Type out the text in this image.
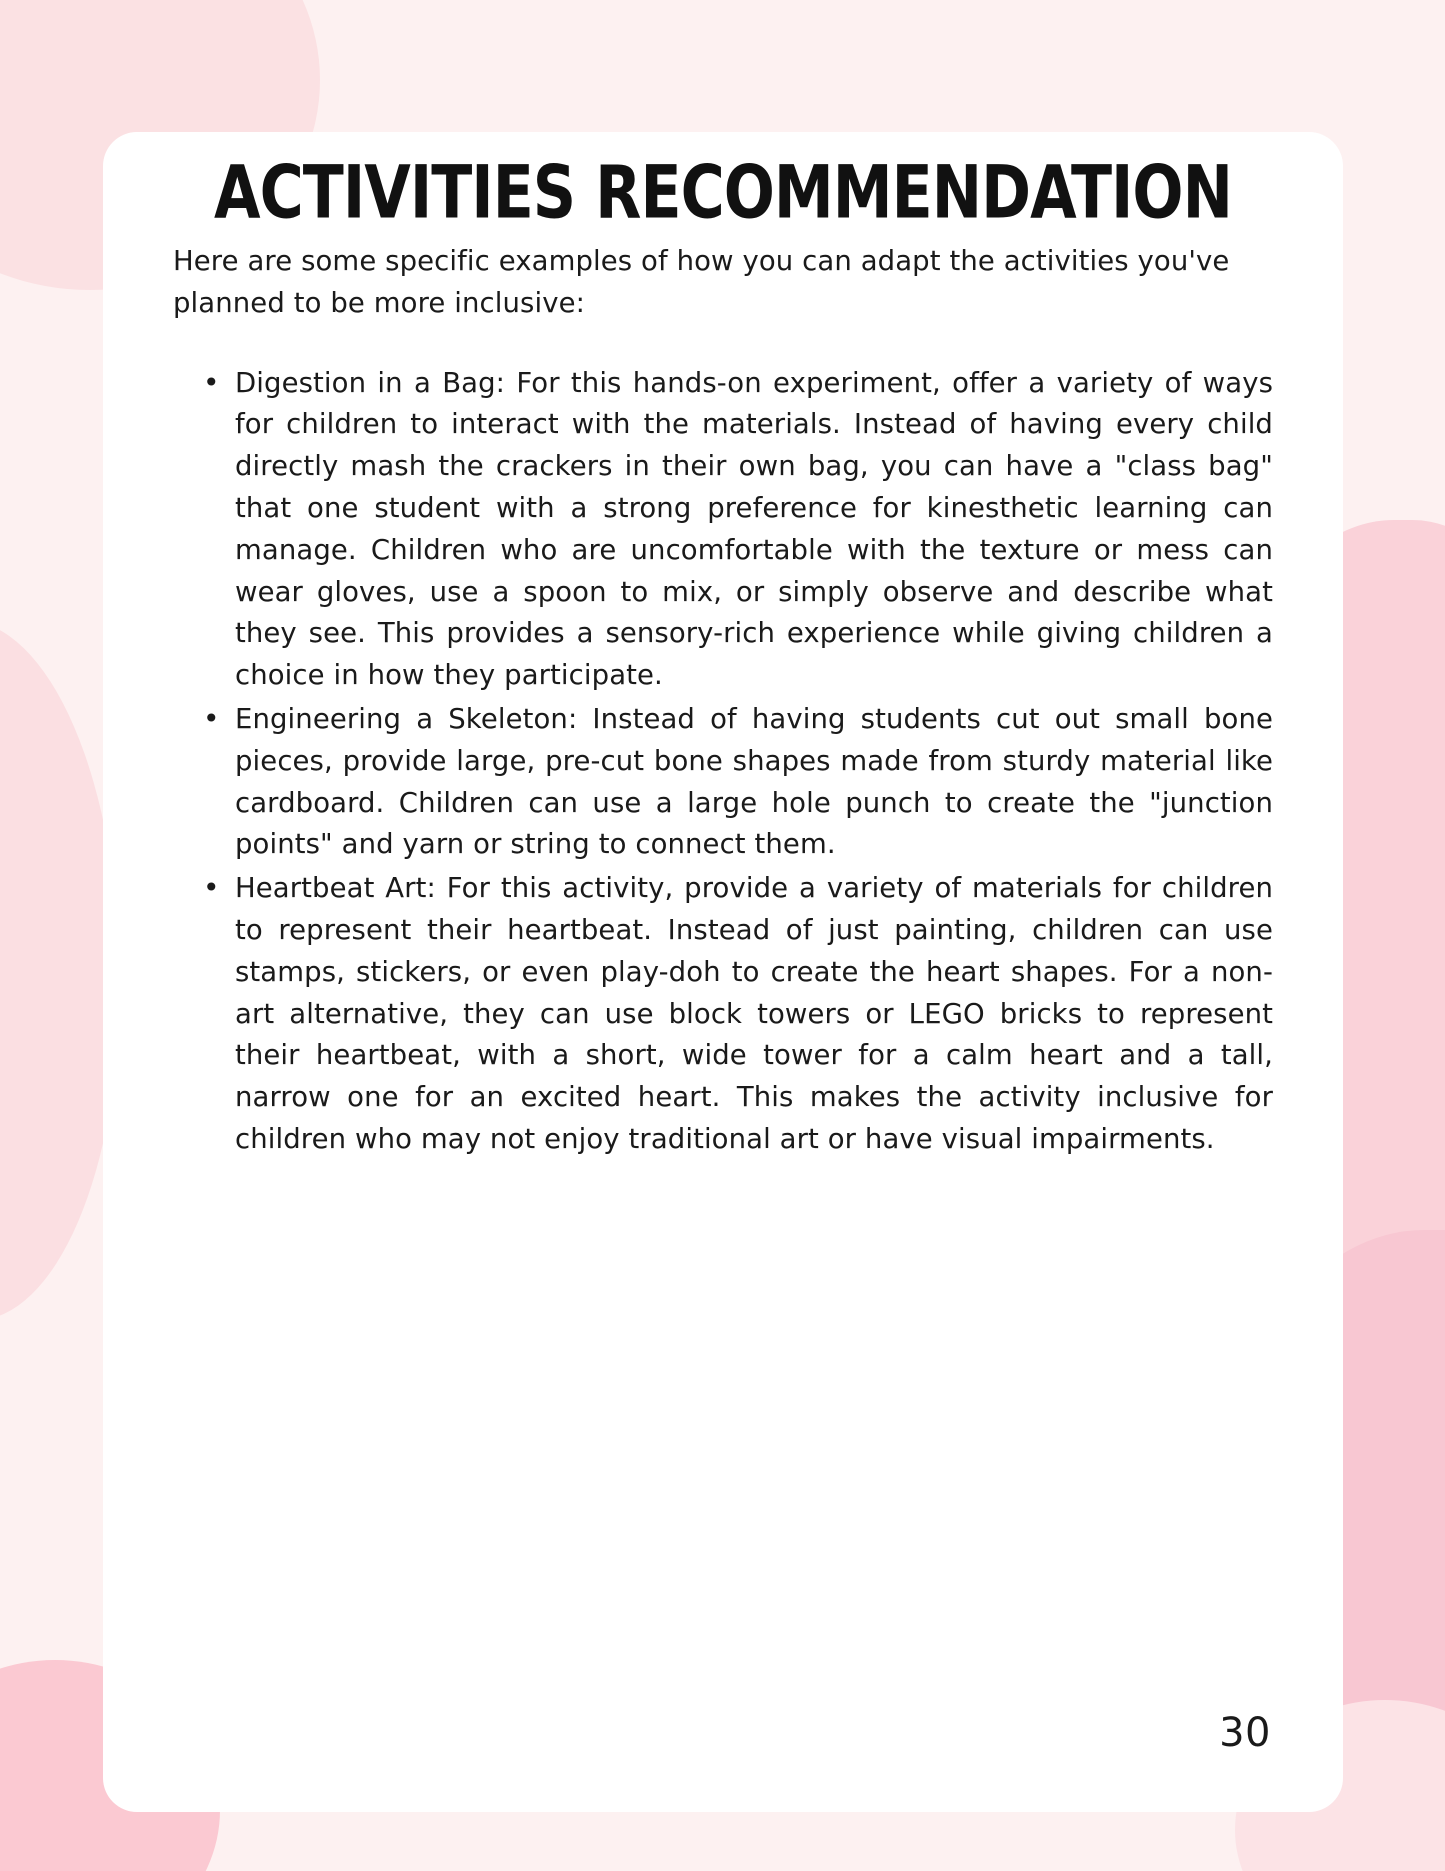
ACTIVITIES RECOMMENDATION

Here are some specific examples of how you can adapt the activities you've planned to be more inclusive:

• Digestion in a Bag: For this hands-on experiment, offer a variety of ways for children to interact with the materials. Instead of having every child directly mash the crackers in their own bag, you can have a "class bag" that one student with a strong preference for kinesthetic learning can manage. Children who are uncomfortable with the texture or mess can wear gloves, use a spoon to mix, or simply observe and describe what they see. This provides a sensory-rich experience while giving children a choice in how they participate.
• Engineering a Skeleton: Instead of having students cut out small bone pieces, provide large, pre-cut bone shapes made from sturdy material like cardboard. Children can use a large hole punch to create the "junction points" and yarn or string to connect them.
• Heartbeat Art: For this activity, provide a variety of materials for children to represent their heartbeat. Instead of just painting, children can use stamps, stickers, or even play-doh to create the heart shapes. For a non-art alternative, they can use block towers or LEGO bricks to represent their heartbeat, with a short, wide tower for a calm heart and a tall, narrow one for an excited heart. This makes the activity inclusive for children who may not enjoy traditional art or have visual impairments.
30
